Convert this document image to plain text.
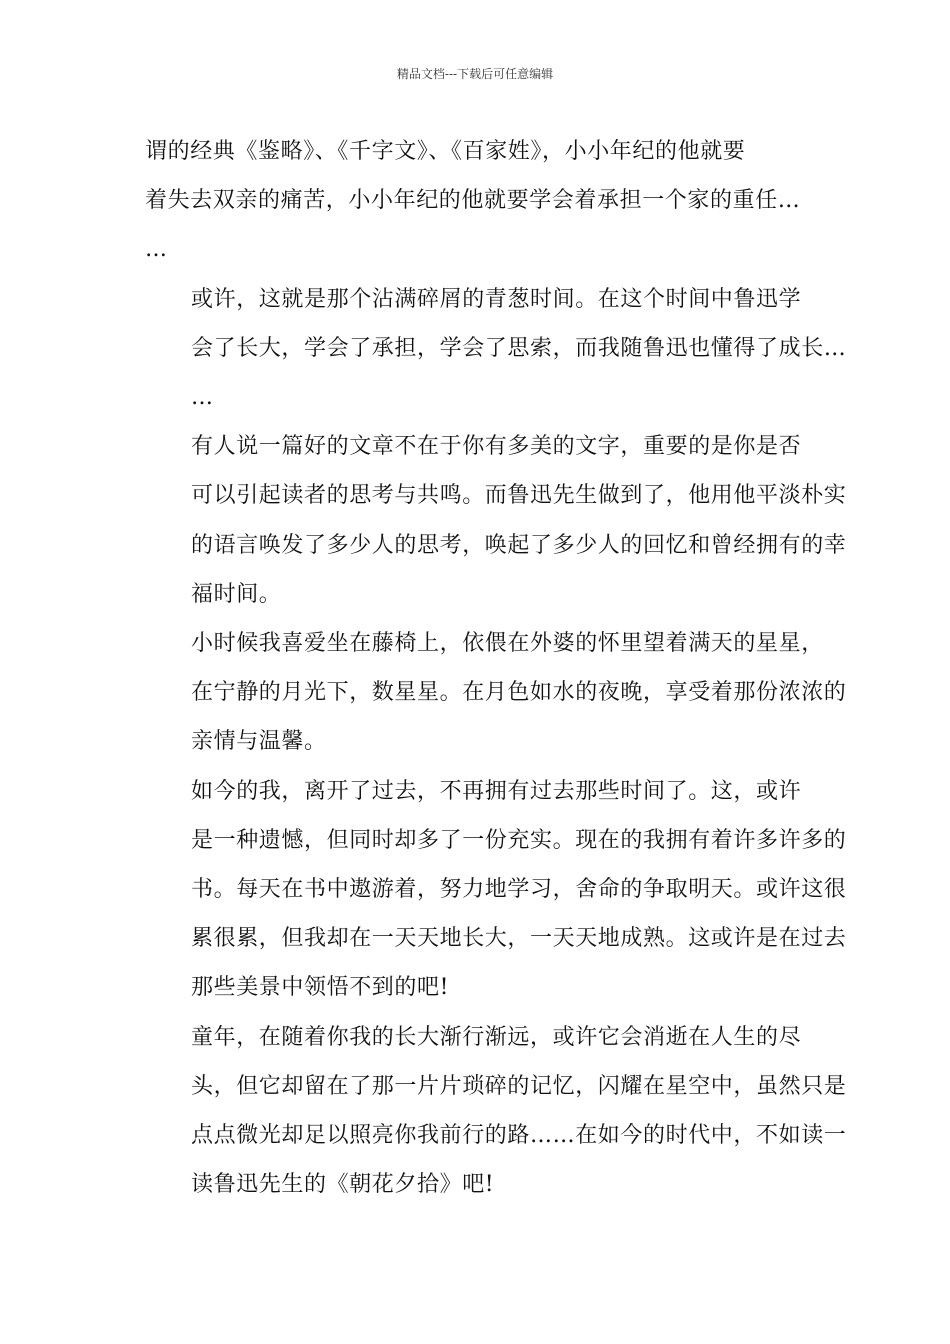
精品文档---下载后可任意编辑

谓的经典《鉴略》、《千字文》、《百家姓》，小小年纪的他就要
着失去双亲的痛苦，小小年纪的他就要学会着承担一个家的重任…
…

或许，这就是那个沾满碎屑的青葱时间。在这个时间中鲁迅学
会了长大，学会了承担，学会了思索，而我随鲁迅也懂得了成长…
…

有人说一篇好的文章不在于你有多美的文字，重要的是你是否
可以引起读者的思考与共鸣。而鲁迅先生做到了，他用他平淡朴实
的语言唤发了多少人的思考，唤起了多少人的回忆和曾经拥有的幸
福时间。

小时候我喜爱坐在藤椅上，依偎在外婆的怀里望着满天的星星，
在宁静的月光下，数星星。在月色如水的夜晚，享受着那份浓浓的
亲情与温馨。

如今的我，离开了过去，不再拥有过去那些时间了。这，或许
是一种遗憾，但同时却多了一份充实。现在的我拥有着许多许多的
书。每天在书中遨游着，努力地学习，舍命的争取明天。或许这很
累很累，但我却在一天天地长大，一天天地成熟。这或许是在过去
那些美景中领悟不到的吧!

童年，在随着你我的长大渐行渐远，或许它会消逝在人生的尽
头，但它却留在了那一片片琐碎的记忆，闪耀在星空中，虽然只是
点点微光却足以照亮你我前行的路……在如今的时代中，不如读一
读鲁迅先生的《朝花夕拾》吧!
